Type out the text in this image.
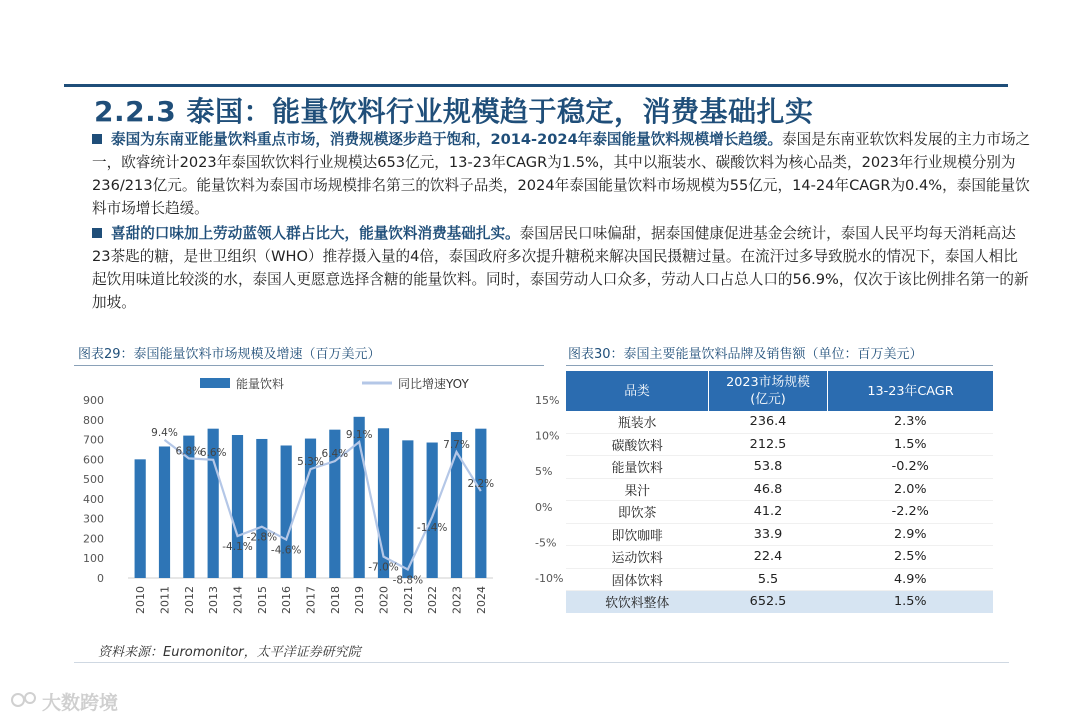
2.2.3 泰国：能量饮料行业规模趋于稳定，消费基础扎实
泰国为东南亚能量饮料重点市场，消费规模逐步趋于饱和，2014-2024年泰国能量饮料规模增长趋缓。泰国是东南亚软饮料发展的主力市场之一，欧睿统计2023年泰国软饮料行业规模达653亿元，13-23年CAGR为1.5%，其中以瓶装水、碳酸饮料为核心品类，2023年行业规模分别为236/213亿元。能量饮料为泰国市场规模排名第三的饮料子品类，2024年泰国能量饮料市场规模为55亿元，14-24年CAGR为0.4%，泰国能量饮料市场增长趋缓。
喜甜的口味加上劳动蓝领人群占比大，能量饮料消费基础扎实。泰国居民口味偏甜，据泰国健康促进基金会统计，泰国人民平均每天消耗高达23茶匙的糖，是世卫组织（WHO）推荐摄入量的4倍，泰国政府多次提升糖税来解决国民摄糖过量。在流汗过多导致脱水的情况下，泰国人相比起饮用味道比较淡的水，泰国人更愿意选择含糖的能量饮料。同时，泰国劳动人口众多，劳动人口占总人口的56.9%，仅次于该比例排名第一的新加坡。
图表29：泰国能量饮料市场规模及增速（百万美元）	图表30：泰国主要能量饮料品牌及销售额（单位：百万美元）
900
800
700
600
500
400
300
200
100
0
15%
10%
5%
0%
-5%
-10%
2010 2011 2012 2013 2014 2015 2016 2017 2018 2019 2020 2021 2022 2023 2024
9.4%
6.8%
6.6%
-4.1%
-2.8%
-4.6%
5.3%
6.4%
9.1%
-7.0%
-8.8%
-1.4%
7.7%
2.2%
能量饮料	同比增速YOY	品类	2023市场规模
(亿元)	13-23年CAGR
瓶装水	236.4	2.3%
碳酸饮料	212.5	1.5%
能量饮料	53.8	-0.2%
果汁	46.8	2.0%
即饮茶	41.2	-2.2%
即饮咖啡	33.9	2.9%
运动饮料	22.4	2.5%
固体饮料	5.5	4.9%
软饮料整体	652.5	1.5%
资料来源：Euromonitor，太平洋证券研究院
大数跨境
